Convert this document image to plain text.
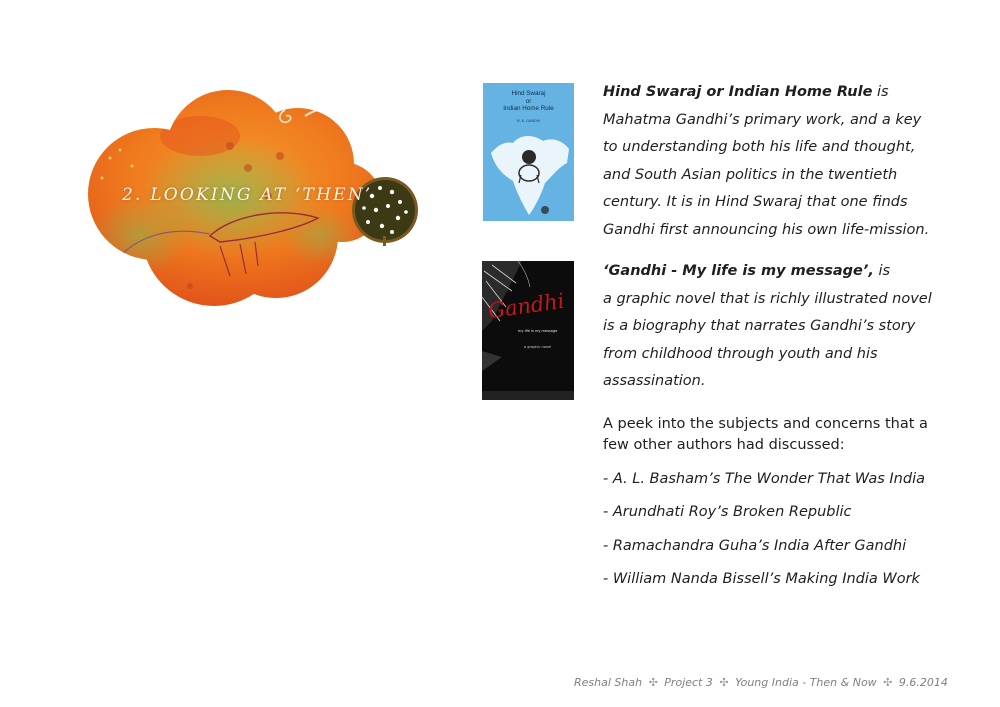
2. LOOKING AT ‘THEN’
Hind Swaraj
or
Indian Home Rule
M. K. GANDHI
Gandhi
my life is my message
a graphic novel
Hind Swaraj or Indian Home Rule is Mahatma Gandhi’s primary work, and a key to understanding both his life and thought, and South Asian politics in the twentieth century. It is in Hind Swaraj that one finds Gandhi first announcing his own life-mission.
‘Gandhi - My life is my message’, is
a graphic novel that is richly illustrated novel is a biography that narrates Gandhi’s story from childhood through youth and his assassination.
A peek into the subjects and concerns that a few other authors had discussed:
- A. L. Basham’s The Wonder That Was India
- Arundhati Roy’s Broken Republic
- Ramachandra Guha’s India After Gandhi
- William Nanda Bissell’s Making India Work
Reshal Shah ✣ Project 3 ✣ Young India - Then & Now ✣ 9.6.2014
